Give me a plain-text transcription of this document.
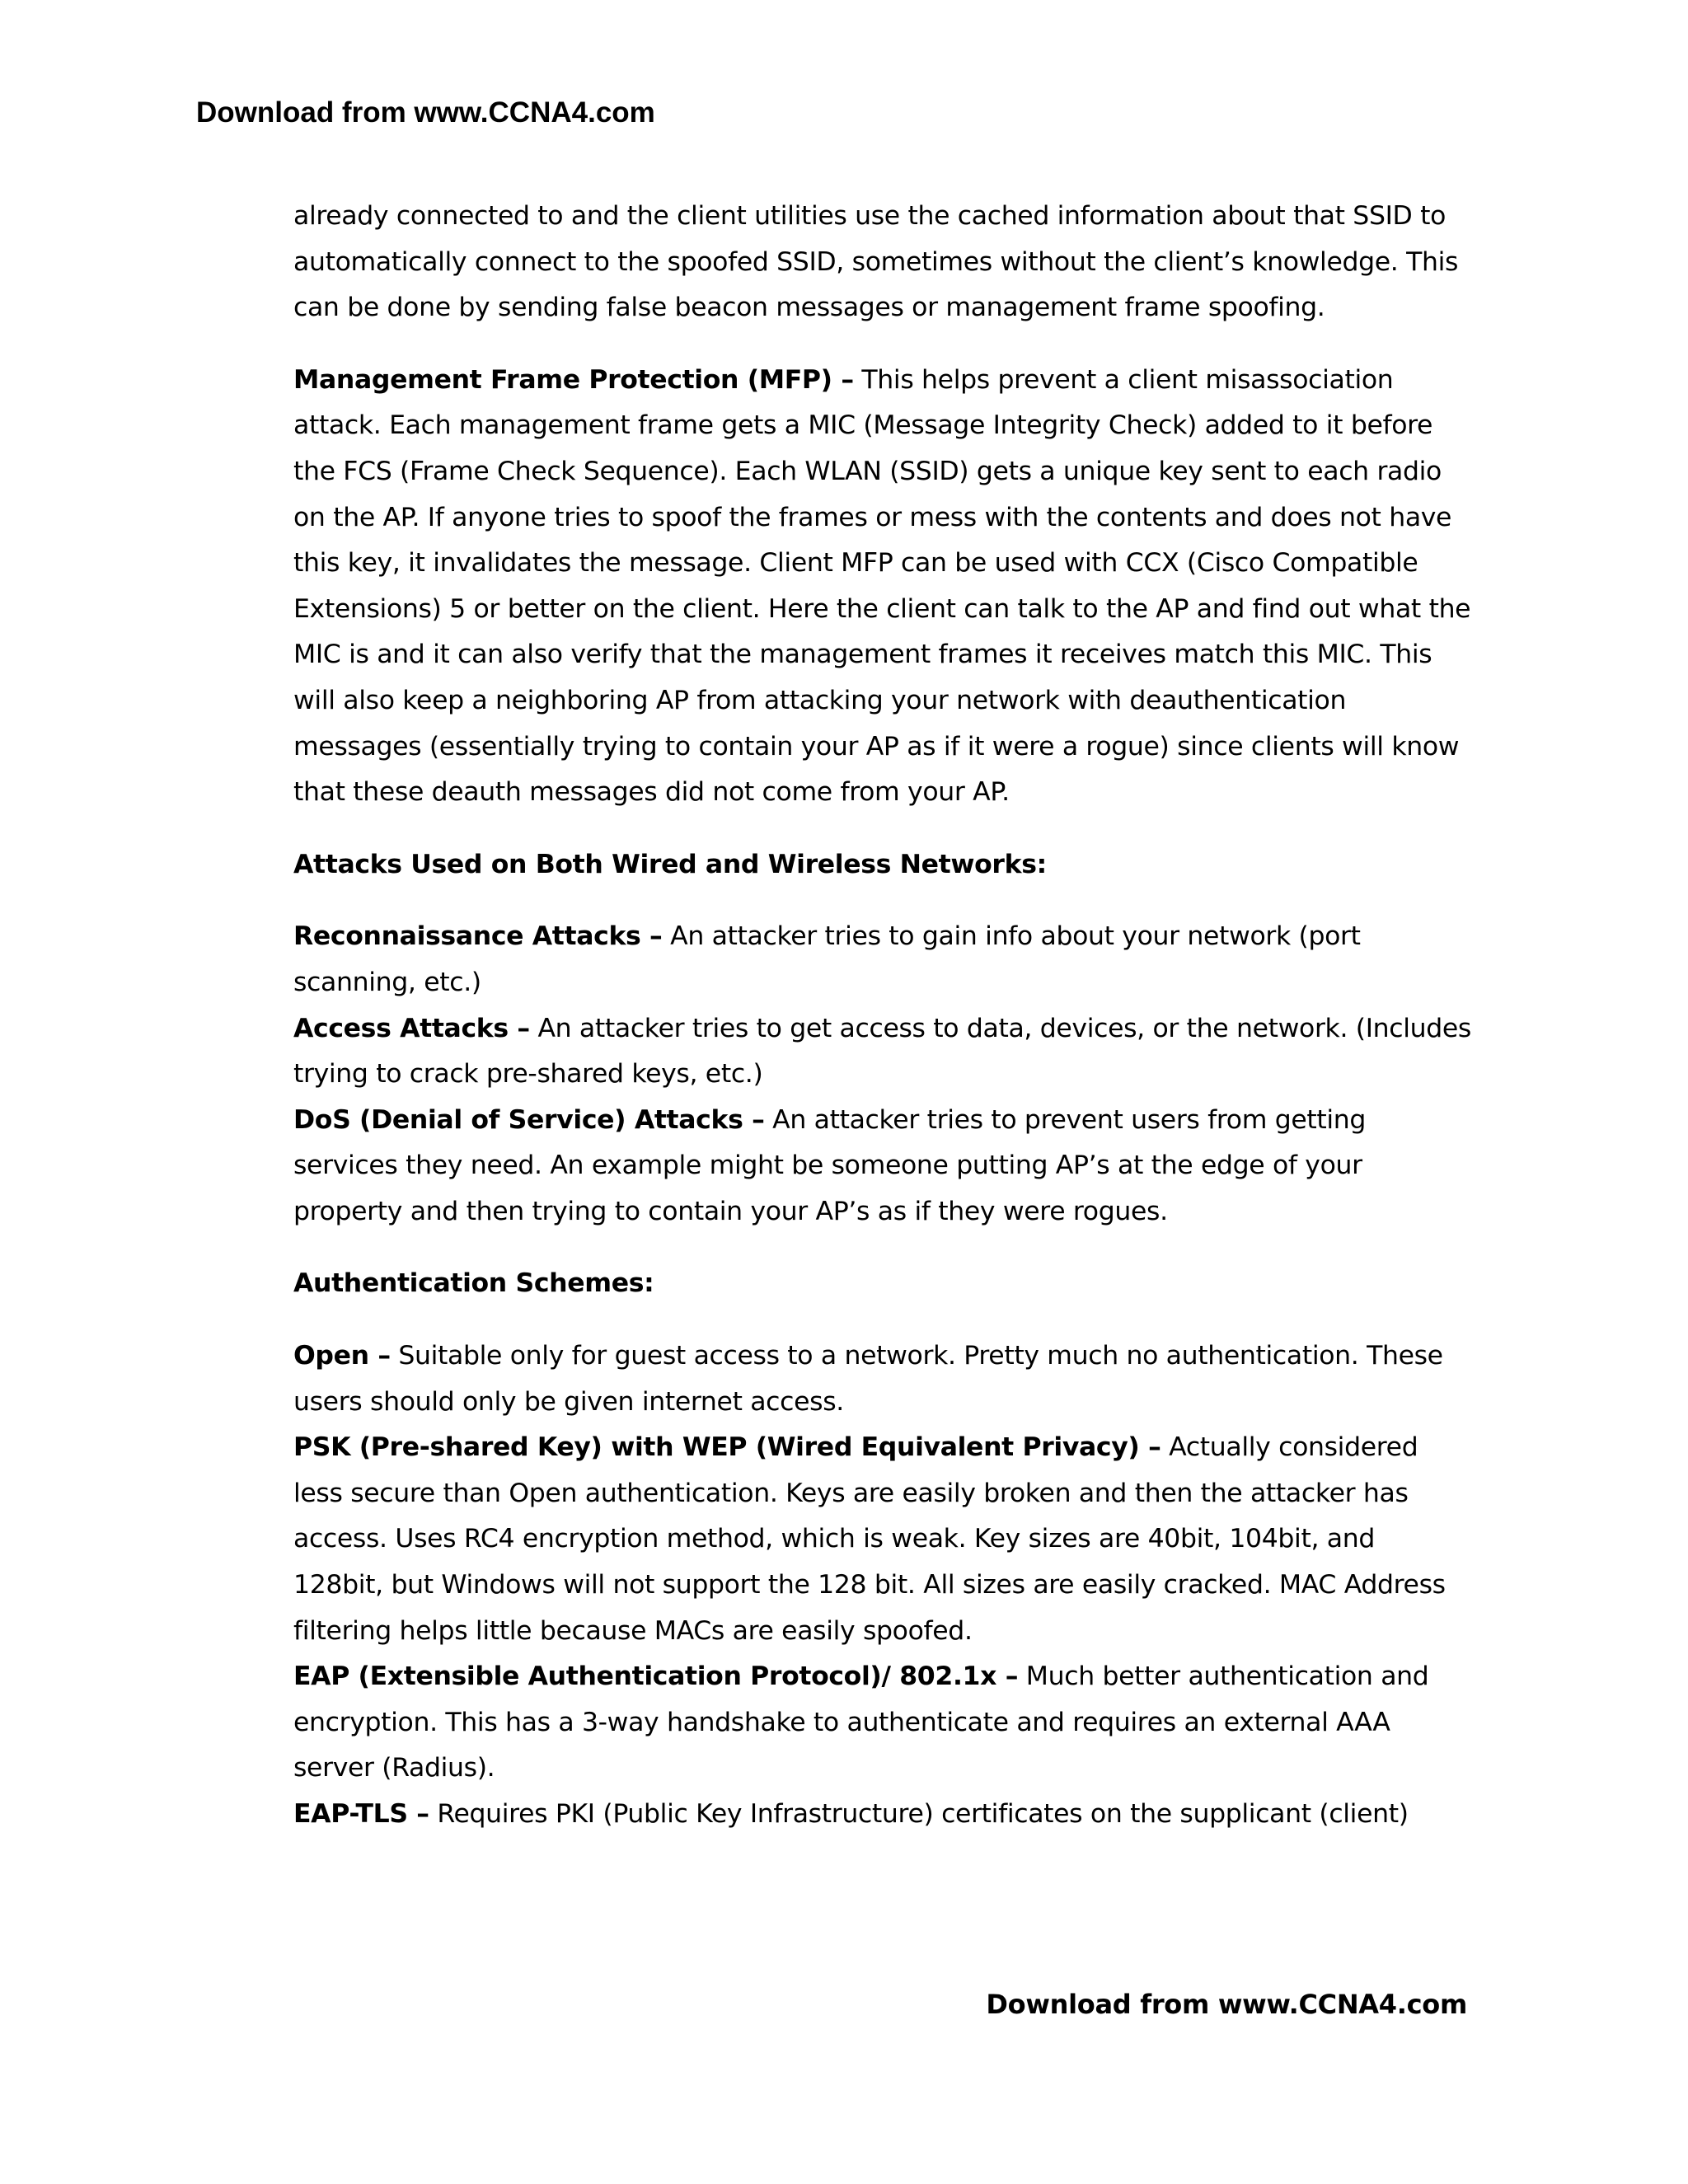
Download from www.CCNA4.com

already connected to and the client utilities use the cached information about that SSID to automatically connect to the spoofed SSID, sometimes without the client’s knowledge. This can be done by sending false beacon messages or management frame spoofing.

Management Frame Protection (MFP) – This helps prevent a client misassociation attack. Each management frame gets a MIC (Message Integrity Check) added to it before the FCS (Frame Check Sequence). Each WLAN (SSID) gets a unique key sent to each radio on the AP. If anyone tries to spoof the frames or mess with the contents and does not have this key, it invalidates the message. Client MFP can be used with CCX (Cisco Compatible Extensions) 5 or better on the client. Here the client can talk to the AP and find out what the MIC is and it can also verify that the management frames it receives match this MIC. This will also keep a neighboring AP from attacking your network with deauthentication messages (essentially trying to contain your AP as if it were a rogue) since clients will know that these deauth messages did not come from your AP.

Attacks Used on Both Wired and Wireless Networks:

Reconnaissance Attacks – An attacker tries to gain info about your network (port scanning, etc.)

Access Attacks – An attacker tries to get access to data, devices, or the network. (Includes trying to crack pre-shared keys, etc.)

DoS (Denial of Service) Attacks – An attacker tries to prevent users from getting services they need. An example might be someone putting AP’s at the edge of your property and then trying to contain your AP’s as if they were rogues.

Authentication Schemes:

Open – Suitable only for guest access to a network. Pretty much no authentication. These users should only be given internet access.

PSK (Pre-shared Key) with WEP (Wired Equivalent Privacy) – Actually considered less secure than Open authentication. Keys are easily broken and then the attacker has access. Uses RC4 encryption method, which is weak. Key sizes are 40bit, 104bit, and 128bit, but Windows will not support the 128 bit. All sizes are easily cracked. MAC Address filtering helps little because MACs are easily spoofed.

EAP (Extensible Authentication Protocol)/ 802.1x – Much better authentication and encryption. This has a 3-way handshake to authenticate and requires an external AAA server (Radius).

EAP-TLS – Requires PKI (Public Key Infrastructure) certificates on the supplicant (client)

Download from www.CCNA4.com
